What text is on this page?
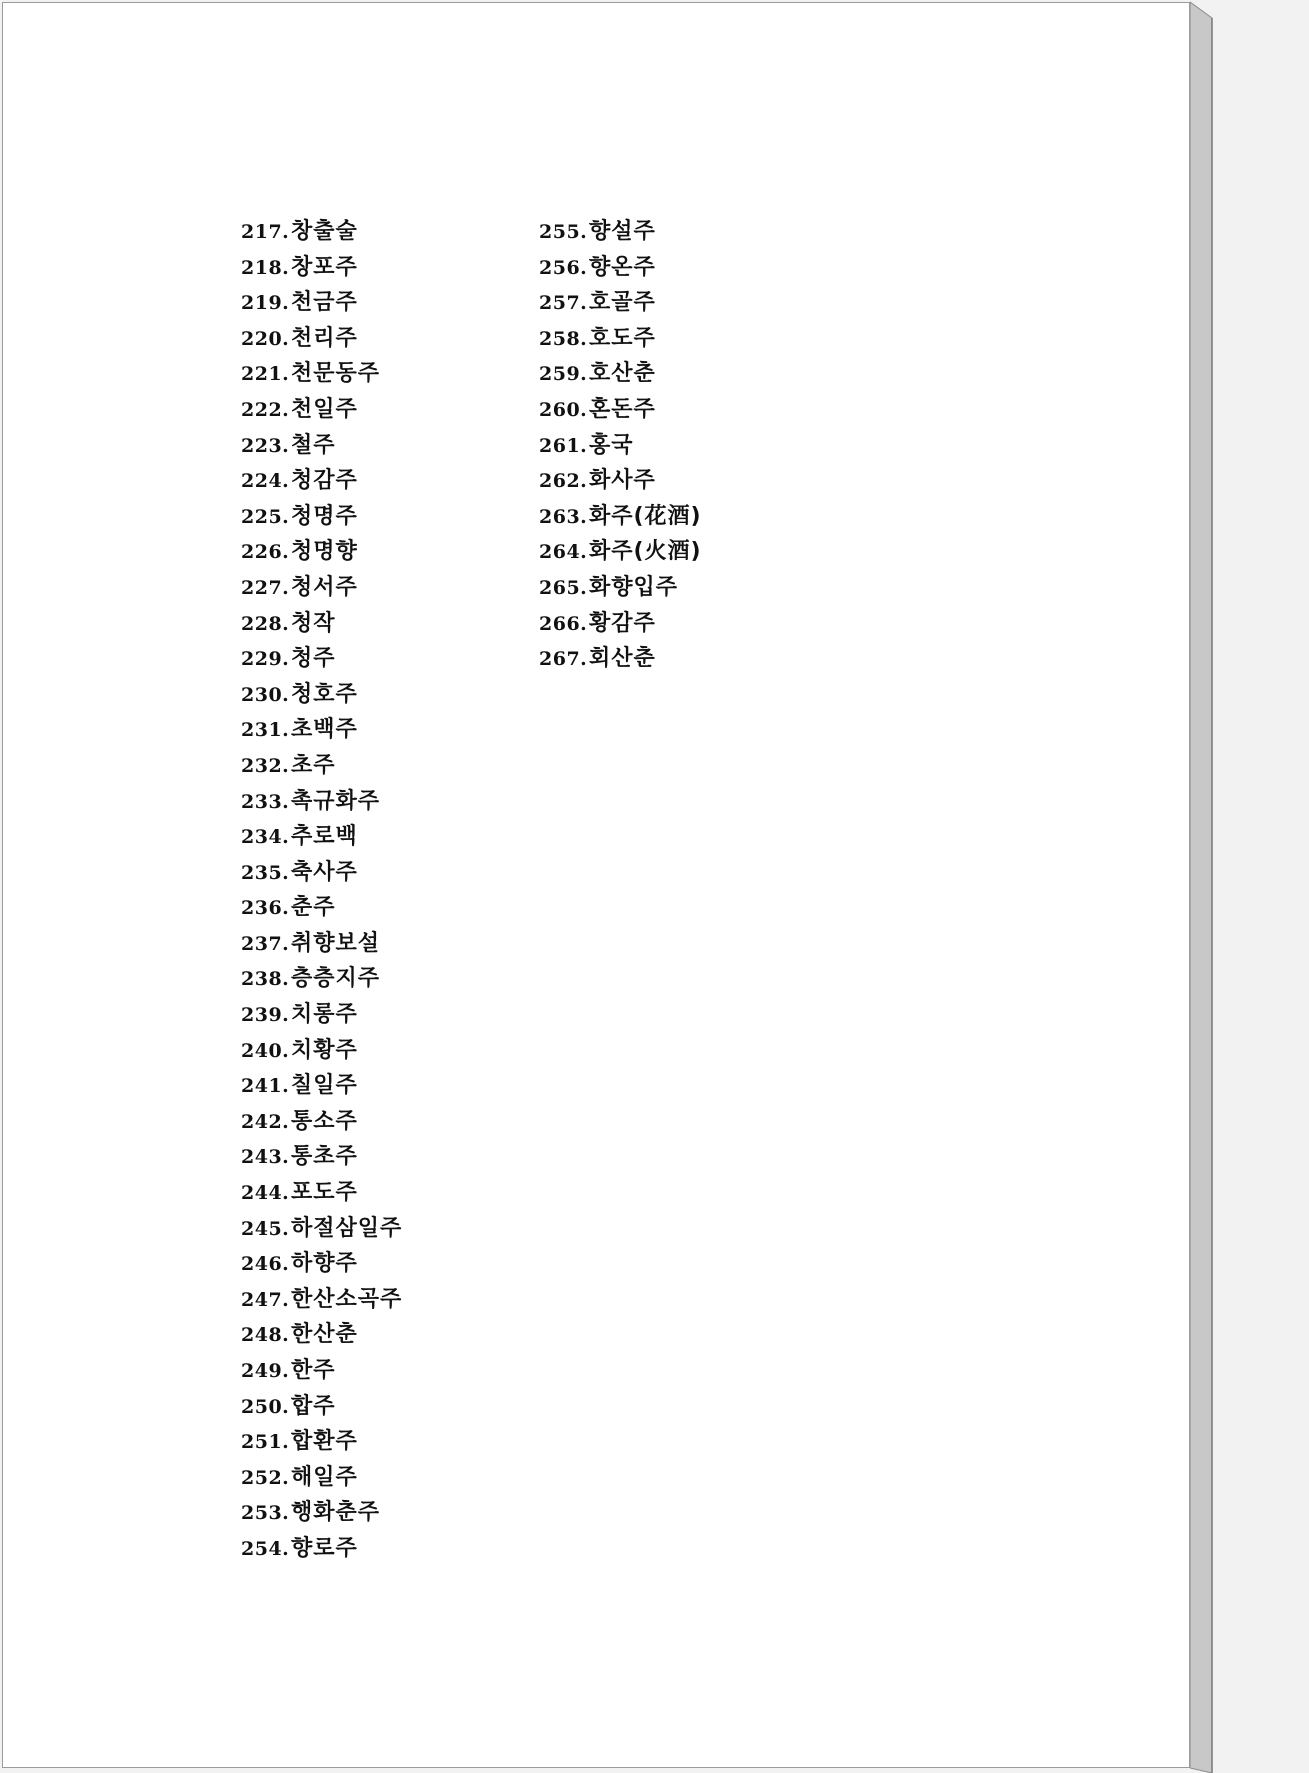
217.창출술
218.창포주
219.천금주
220.천리주
221.천문동주
222.천일주
223.철주
224.청감주
225.청명주
226.청명향
227.청서주
228.청작
229.청주
230.청호주
231.초백주
232.초주
233.촉규화주
234.추로백
235.축사주
236.춘주
237.취향보설
238.층층지주
239.치롱주
240.치황주
241.칠일주
242.통소주
243.통초주
244.포도주
245.하절삼일주
246.하향주
247.한산소곡주
248.한산춘
249.한주
250.합주
251.합환주
252.해일주
253.행화춘주
254.향로주
255.향설주
256.향온주
257.호골주
258.호도주
259.호산춘
260.혼돈주
261.홍국
262.화사주
263.화주(花酒)
264.화주(火酒)
265.화향입주
266.황감주
267.회산춘
